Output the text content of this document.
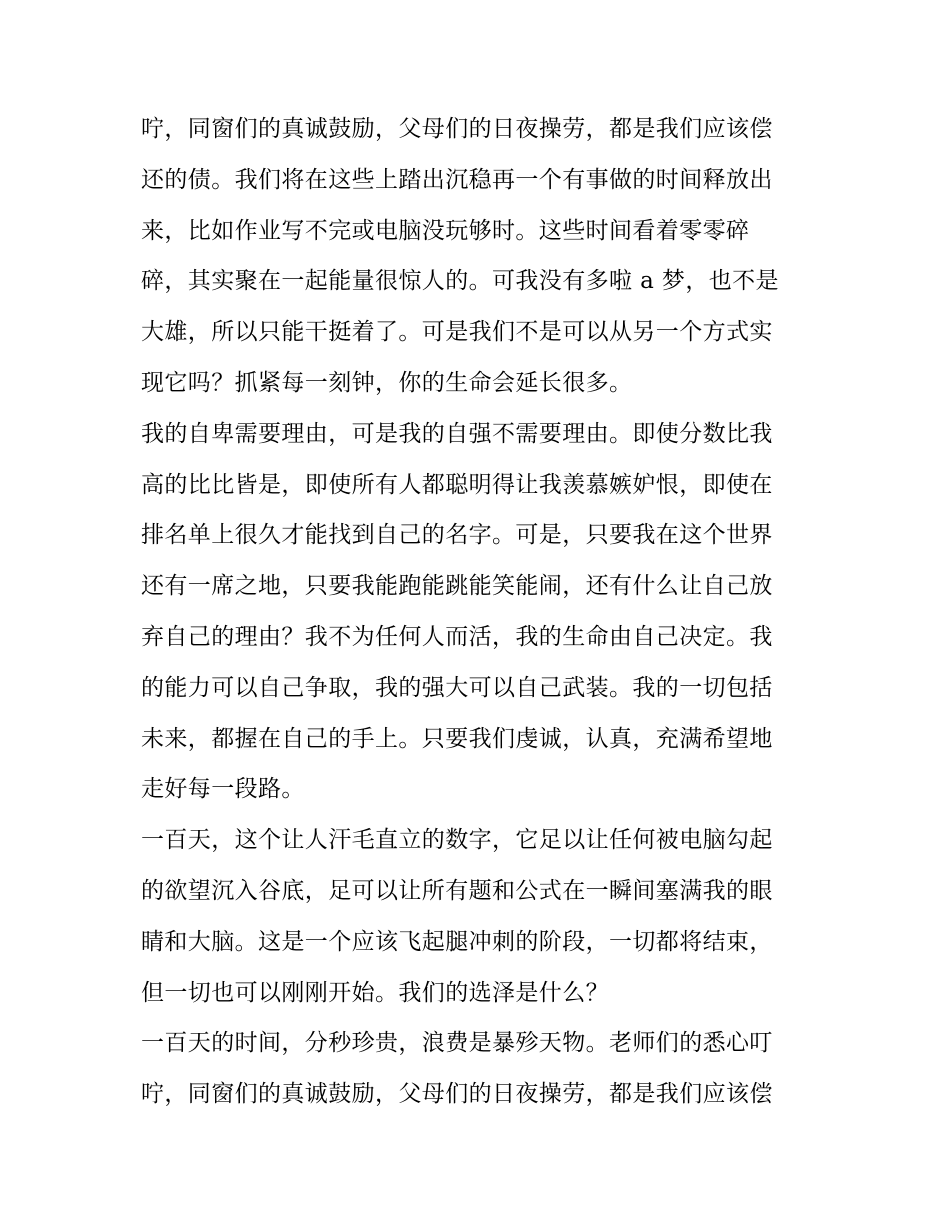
咛，同窗们的真诚鼓励，父母们的日夜操劳，都是我们应该偿
还的债。我们将在这些上踏出沉稳再一个有事做的时间释放出
来，比如作业写不完或电脑没玩够时。这些时间看着零零碎
碎，其实聚在一起能量很惊人的。可我没有多啦 a 梦，也不是
大雄，所以只能干挺着了。可是我们不是可以从另一个方式实
现它吗？抓紧每一刻钟，你的生命会延长很多。
我的自卑需要理由，可是我的自强不需要理由。即使分数比我
高的比比皆是，即使所有人都聪明得让我羡慕嫉妒恨，即使在
排名单上很久才能找到自己的名字。可是，只要我在这个世界
还有一席之地，只要我能跑能跳能笑能闹，还有什么让自己放
弃自己的理由？我不为任何人而活，我的生命由自己决定。我
的能力可以自己争取，我的强大可以自己武装。我的一切包括
未来，都握在自己的手上。只要我们虔诚，认真，充满希望地
走好每一段路。
一百天，这个让人汗毛直立的数字，它足以让任何被电脑勾起
的欲望沉入谷底，足可以让所有题和公式在一瞬间塞满我的眼
睛和大脑。这是一个应该飞起腿冲刺的阶段，一切都将结束，
但一切也可以刚刚开始。我们的选泽是什么？
一百天的时间，分秒珍贵，浪费是暴殄天物。老师们的悉心叮
咛，同窗们的真诚鼓励，父母们的日夜操劳，都是我们应该偿
